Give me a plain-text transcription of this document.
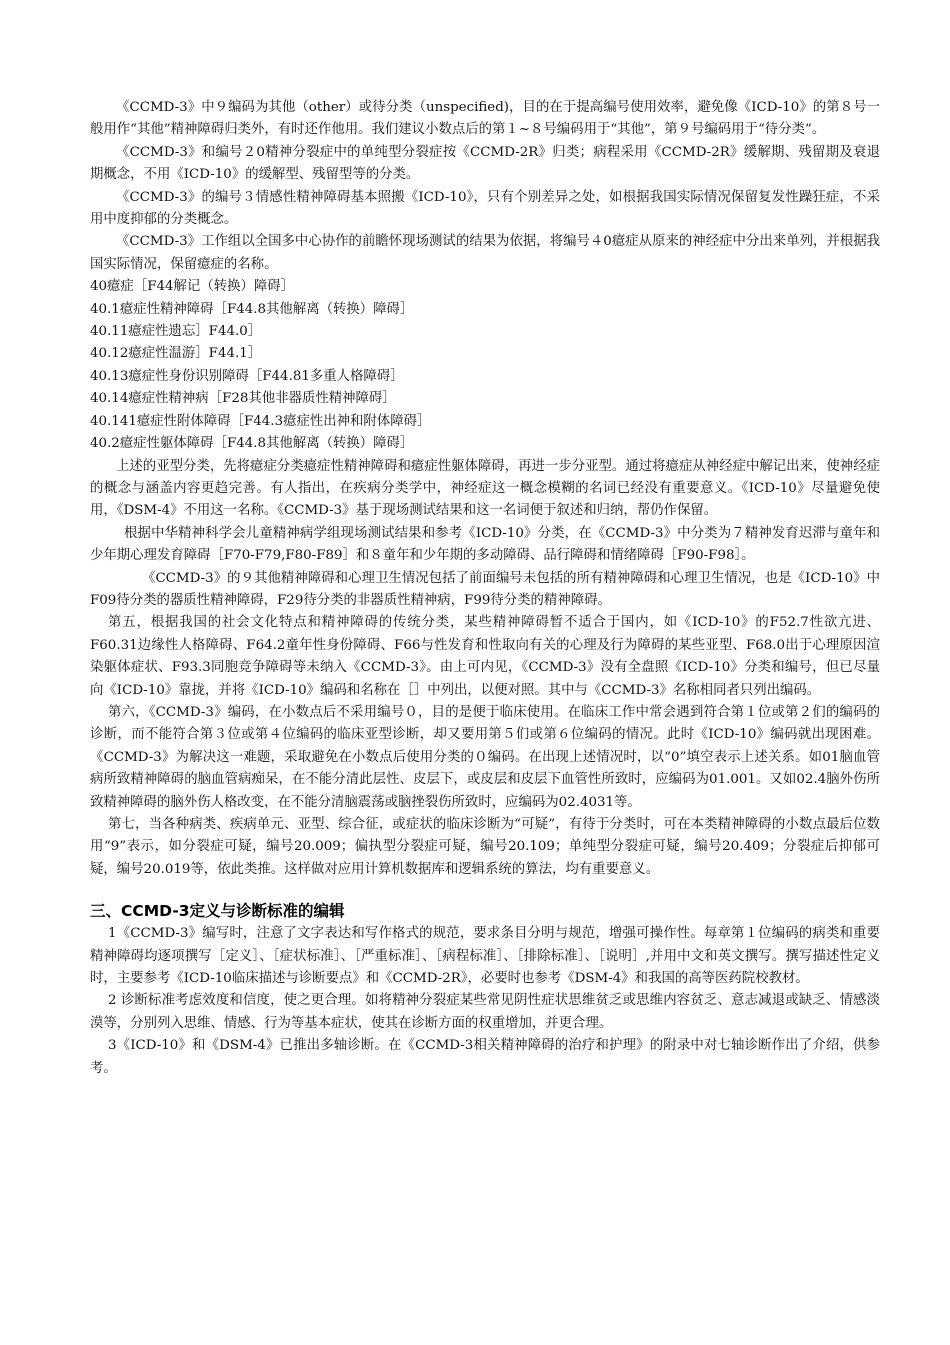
《CCMD-3》中９编码为其他（other）或待分类（unspecified)，目的在于提高编号使用效率，避免像《ICD-10》的第８号一般用作“其他”精神障碍归类外，有时还作他用。我们建议小数点后的第１~８号编码用于“其他”，第９号编码用于“待分类”。

《CCMD-3》和编号２0精神分裂症中的单纯型分裂症按《CCMD-2R》归类；病程采用《CCMD-2R》缓解期、残留期及衰退期概念，不用《ICD-10》的缓解型、残留型等的分类。

《CCMD-3》的编号３情感性精神障碍基本照搬《ICD-10》，只有个别差异之处，如根据我国实际情况保留复发性躁狂症，不采用中度抑郁的分类概念。

《CCMD-3》工作组以全国多中心协作的前瞻怀现场测试的结果为依据，将编号４0癔症从原来的神经症中分出来单列，并根据我国实际情况，保留癔症的名称。

40癔症［F44解记（转换）障碍］

40.1癔症性精神障碍［F44.8其他解离（转换）障碍］

40.11癔症性遗忘］F44.0］

40.12癔症性温游］F44.1］

40.13癔症性身份识别障碍［F44.81多重人格障碍］

40.14癔症性精神病［F28其他非器质性精神障碍］

40.141癔症性附体障碍［F44.3癔症性出神和附体障碍］

40.2癔症性躯体障碍［F44.8其他解离（转换）障碍］

上述的亚型分类，先将癔症分类癔症性精神障碍和癔症性躯体障碍，再进一步分亚型。通过将癔症从神经症中解记出来，使神经症的概念与涵盖内容更趋完善。有人指出，在疾病分类学中，神经症这一概念模糊的名词已经没有重要意义。《ICD-10》尽量避免使用，《DSM-4》不用这一名称。《CCMD-3》基于现场测试结果和这一名词便于叙述和归纳，帮仍作保留。

根据中华精神科学会儿童精神病学组现场测试结果和参考《ICD-10》分类，在《CCMD-3》中分类为７精神发育迟滞与童年和少年期心理发育障碍［F70-F79,F80-F89］和８童年和少年期的多动障碍、品行障碍和情绪障碍［F90-F98］。

《CCMD-3》的９其他精神障碍和心理卫生情况包括了前面编号未包括的所有精神障碍和心理卫生情况，也是《ICD-10》中F09待分类的器质性精神障碍，F29待分类的非器质性精神病，F99待分类的精神障碍。

第五，根据我国的社会文化特点和精神障碍的传统分类，某些精神障碍暂不适合于国内，如《ICD-10》的F52.7性欲亢进、F60.31边缘性人格障碍、F64.2童年性身份障碍、F66与性发育和性取向有关的心理及行为障碍的某些亚型、F68.0出于心理原因渲染躯体症状、F93.3同胞竞争障碍等未纳入《CCMD-3》。由上可内见，《CCMD-3》没有全盘照《ICD-10》分类和编号，但已尽量向《ICD-10》靠拢，并将《ICD-10》编码和名称在［］中列出，以便对照。其中与《CCMD-3》名称相同者只列出编码。

第六，《CCMD-3》编码，在小数点后不采用编号０，目的是便于临床使用。在临床工作中常会遇到符合第１位或第２们的编码的诊断，而不能符合第３位或第４位编码的临床亚型诊断，却又要用第５们或第６位编码的情况。此时《ICD-10》编码就出现困难。《CCMD-3》为解决这一难题，采取避免在小数点后使用分类的０编码。在出现上述情况时，以“0”填空表示上述关系。如01脑血管病所致精神障碍的脑血管病痴呆，在不能分清此层性、皮层下，或皮层和皮层下血管性所致时，应编码为01.001。又如02.4脑外伤所致精神障碍的脑外伤人格改变，在不能分清脑震荡或脑挫裂伤所致时，应编码为02.4031等。

第七，当各种病类、疾病单元、亚型、综合征，或症状的临床诊断为“可疑”，有待于分类时，可在本类精神障碍的小数点最后位数用“9”表示，如分裂症可疑，编号20.009；偏执型分裂症可疑，编号20.109；单纯型分裂症可疑，编号20.409；分裂症后抑郁可疑，编号20.019等，依此类推。这样做对应用计算机数据库和逻辑系统的算法，均有重要意义。

三、CCMD-3定义与诊断标准的编辑

1《CCMD-3》编写时，注意了文字表达和写作格式的规范，要求条目分明与规范，增强可操作性。每章第１位编码的病类和重要精神障碍均逐项撰写［定义］、［症状标准］、［严重标准］、［病程标准］、［排除标准］、［说明］,并用中文和英文撰写。撰写描述性定义时，主要参考《ICD-10临床描述与诊断要点》和《CCMD-2R》，必要时也参考《DSM-4》和我国的高等医药院校教材。

2 诊断标准考虑效度和信度，使之更合理。如将精神分裂症某些常见阴性症状思维贫乏或思维内容贫乏、意志减退或缺乏、情感淡漠等，分别列入思维、情感、行为等基本症状，使其在诊断方面的权重增加，并更合理。

3《ICD-10》和《DSM-4》已推出多轴诊断。在《CCMD-3相关精神障碍的治疗和护理》的附录中对七轴诊断作出了介绍，供参考。
